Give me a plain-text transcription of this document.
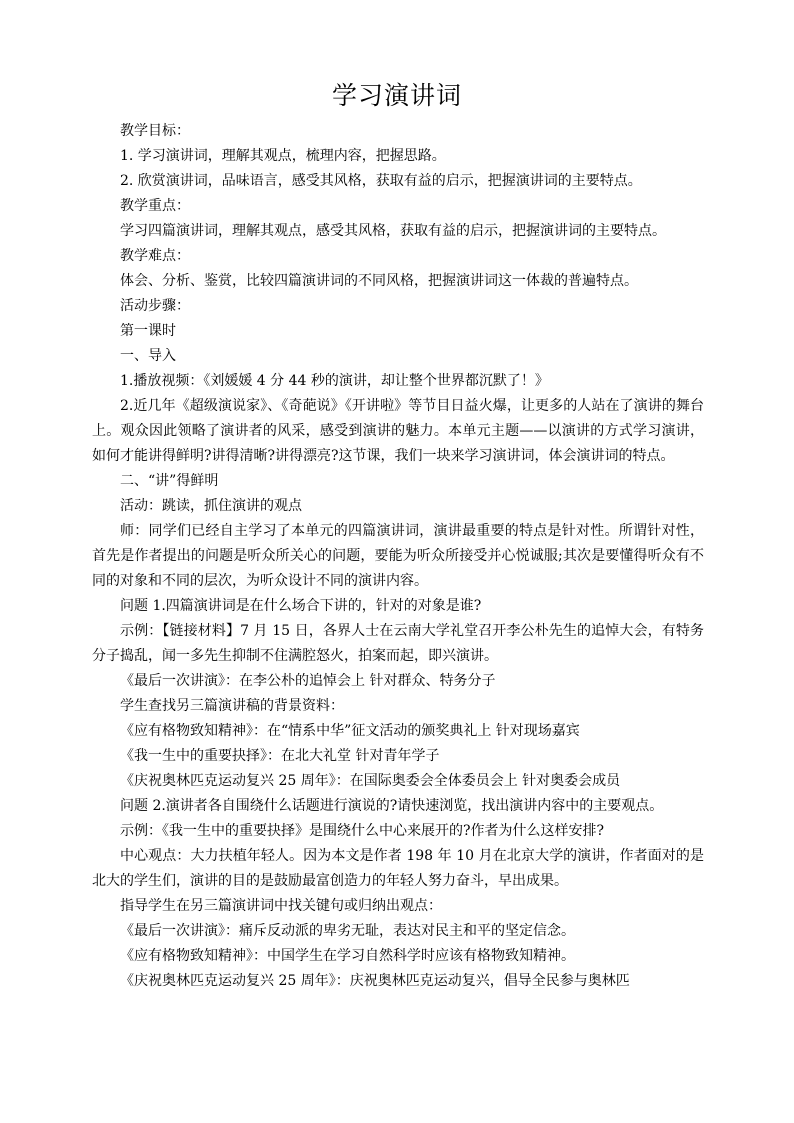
学习演讲词

教学目标：

1. 学习演讲词，理解其观点，梳理内容，把握思路。

2. 欣赏演讲词，品味语言，感受其风格，获取有益的启示，把握演讲词的主要特点。

教学重点：

学习四篇演讲词，理解其观点，感受其风格，获取有益的启示，把握演讲词的主要特点。

教学难点：

体会、分析、鉴赏，比较四篇演讲词的不同风格，把握演讲词这一体裁的普遍特点。

活动步骤：

第一课时

一、导入

1.播放视频：《刘媛媛 4 分 44 秒的演讲，却让整个世界都沉默了！》

2.近几年《超级演说家》、《奇葩说》《开讲啦》等节目日益火爆，让更多的人站在了演讲的舞台上。观众因此领略了演讲者的风采，感受到演讲的魅力。本单元主题——以演讲的方式学习演讲，如何才能讲得鲜明?讲得清晰?讲得漂亮?这节课，我们一块来学习演讲词，体会演讲词的特点。

二、“讲”得鲜明

活动：跳读，抓住演讲的观点

师：同学们已经自主学习了本单元的四篇演讲词，演讲最重要的特点是针对性。所谓针对性，首先是作者提出的问题是听众所关心的问题，要能为听众所接受并心悦诚服;其次是要懂得听众有不同的对象和不同的层次，为听众设计不同的演讲内容。

问题 1.四篇演讲词是在什么场合下讲的，针对的对象是谁?

示例：【链接材料】7 月 15 日，各界人士在云南大学礼堂召开李公朴先生的追悼大会，有特务分子捣乱，闻一多先生抑制不住满腔怒火，拍案而起，即兴演讲。

《最后一次讲演》：在李公朴的追悼会上 针对群众、特务分子

学生查找另三篇演讲稿的背景资料：

《应有格物致知精神》：在“情系中华”征文活动的颁奖典礼上 针对现场嘉宾

《我一生中的重要抉择》：在北大礼堂 针对青年学子

《庆祝奥林匹克运动复兴 25 周年》：在国际奥委会全体委员会上 针对奥委会成员

问题 2.演讲者各自围绕什么话题进行演说的?请快速浏览，找出演讲内容中的主要观点。

示例：《我一生中的重要抉择》是围绕什么中心来展开的?作者为什么这样安排?

中心观点：大力扶植年轻人。因为本文是作者 198 年 10 月在北京大学的演讲，作者面对的是北大的学生们，演讲的目的是鼓励最富创造力的年轻人努力奋斗，早出成果。

指导学生在另三篇演讲词中找关键句或归纳出观点：

《最后一次讲演》：痛斥反动派的卑劣无耻，表达对民主和平的坚定信念。

《应有格物致知精神》：中国学生在学习自然科学时应该有格物致知精神。

《庆祝奥林匹克运动复兴 25 周年》：庆祝奥林匹克运动复兴，倡导全民参与奥林匹
